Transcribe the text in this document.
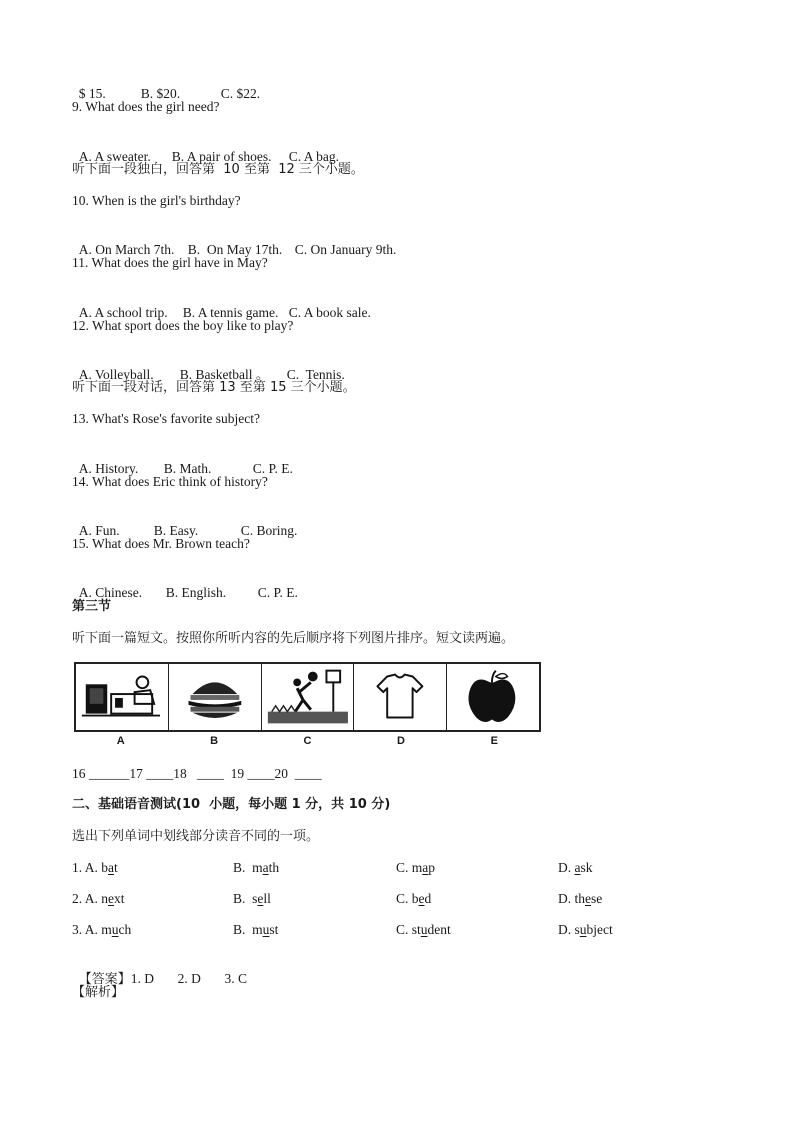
$ 15.	B. $20.	C. $22.

9. What does the girl need?

A. A sweater. B. A pair of shoes. C. A bag.

听下面一段独白，回答第  10 至第  12 三个小题。
10. When is the girl's birthday?

A. On March 7th. B.  On May 17th. C. On January 9th.

11. What does the girl have in May?

A. A school trip. B. A tennis game. C. A book sale.

12. What sport does the boy like to play?

A. Volleyball. B. Basketball 。 C.  Tennis.

听下面一段对话，回答第 13 至第 15 三个小题。
13. What's Rose's favorite subject?

A. History. B. Math.	C. P. E.

14. What does Eric think of history?

A. Fun.	B. Easy.	C. Boring.

15. What does Mr. Brown teach?

A. Chinese. B. English. C. P. E.

第三节
听下面一篇短文。按照你所听内容的先后顺序将下列图片排序。短文读两遍。
A	B	C	D	E
16 ______17 ____18   ____  19 ____20  ____
二、基础语音测试(10  小题，每小题 1 分，共 10 分)
选出下列单词中划线部分读音不同的一项。
1. A. bat	B.  math	C. map	D. ask
2. A. next	B.  sell	C. bed	D. these
3. A. much	B.  must	C. student	D. subject

【答案】1. D       2. D       3. C

【解析】
